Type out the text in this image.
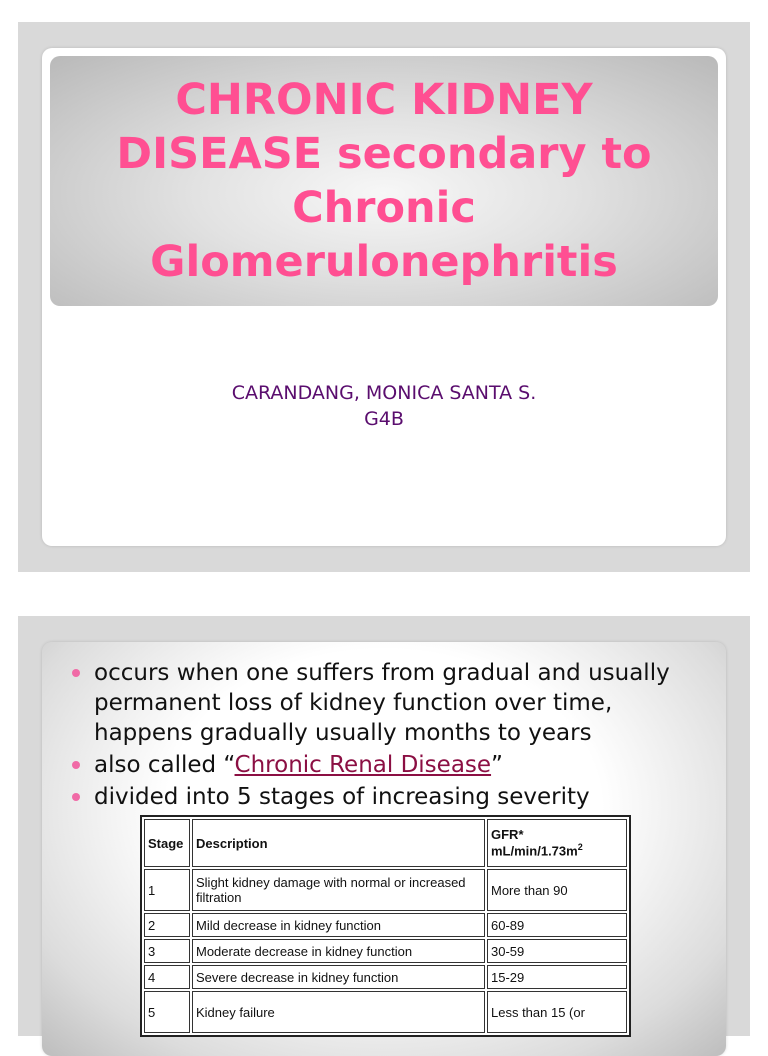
CHRONIC KIDNEY DISEASE secondary to Chronic Glomerulonephritis
CARANDANG, MONICA SANTA S.
G4B
occurs when one suffers from gradual and usually permanent loss of kidney function over time, happens gradually usually months to years
also called “Chronic Renal Disease”
divided into 5 stages of increasing severity
Stage	Description	GFR*
$mL/\min/1.73m^2$
1	Slight kidney damage with normal or increased filtration	More than 90
2	Mild decrease in kidney function	60-89
3	Moderate decrease in kidney function	30-59
4	Severe decrease in kidney function	15-29
5	Kidney failure	Less than 15 (or
